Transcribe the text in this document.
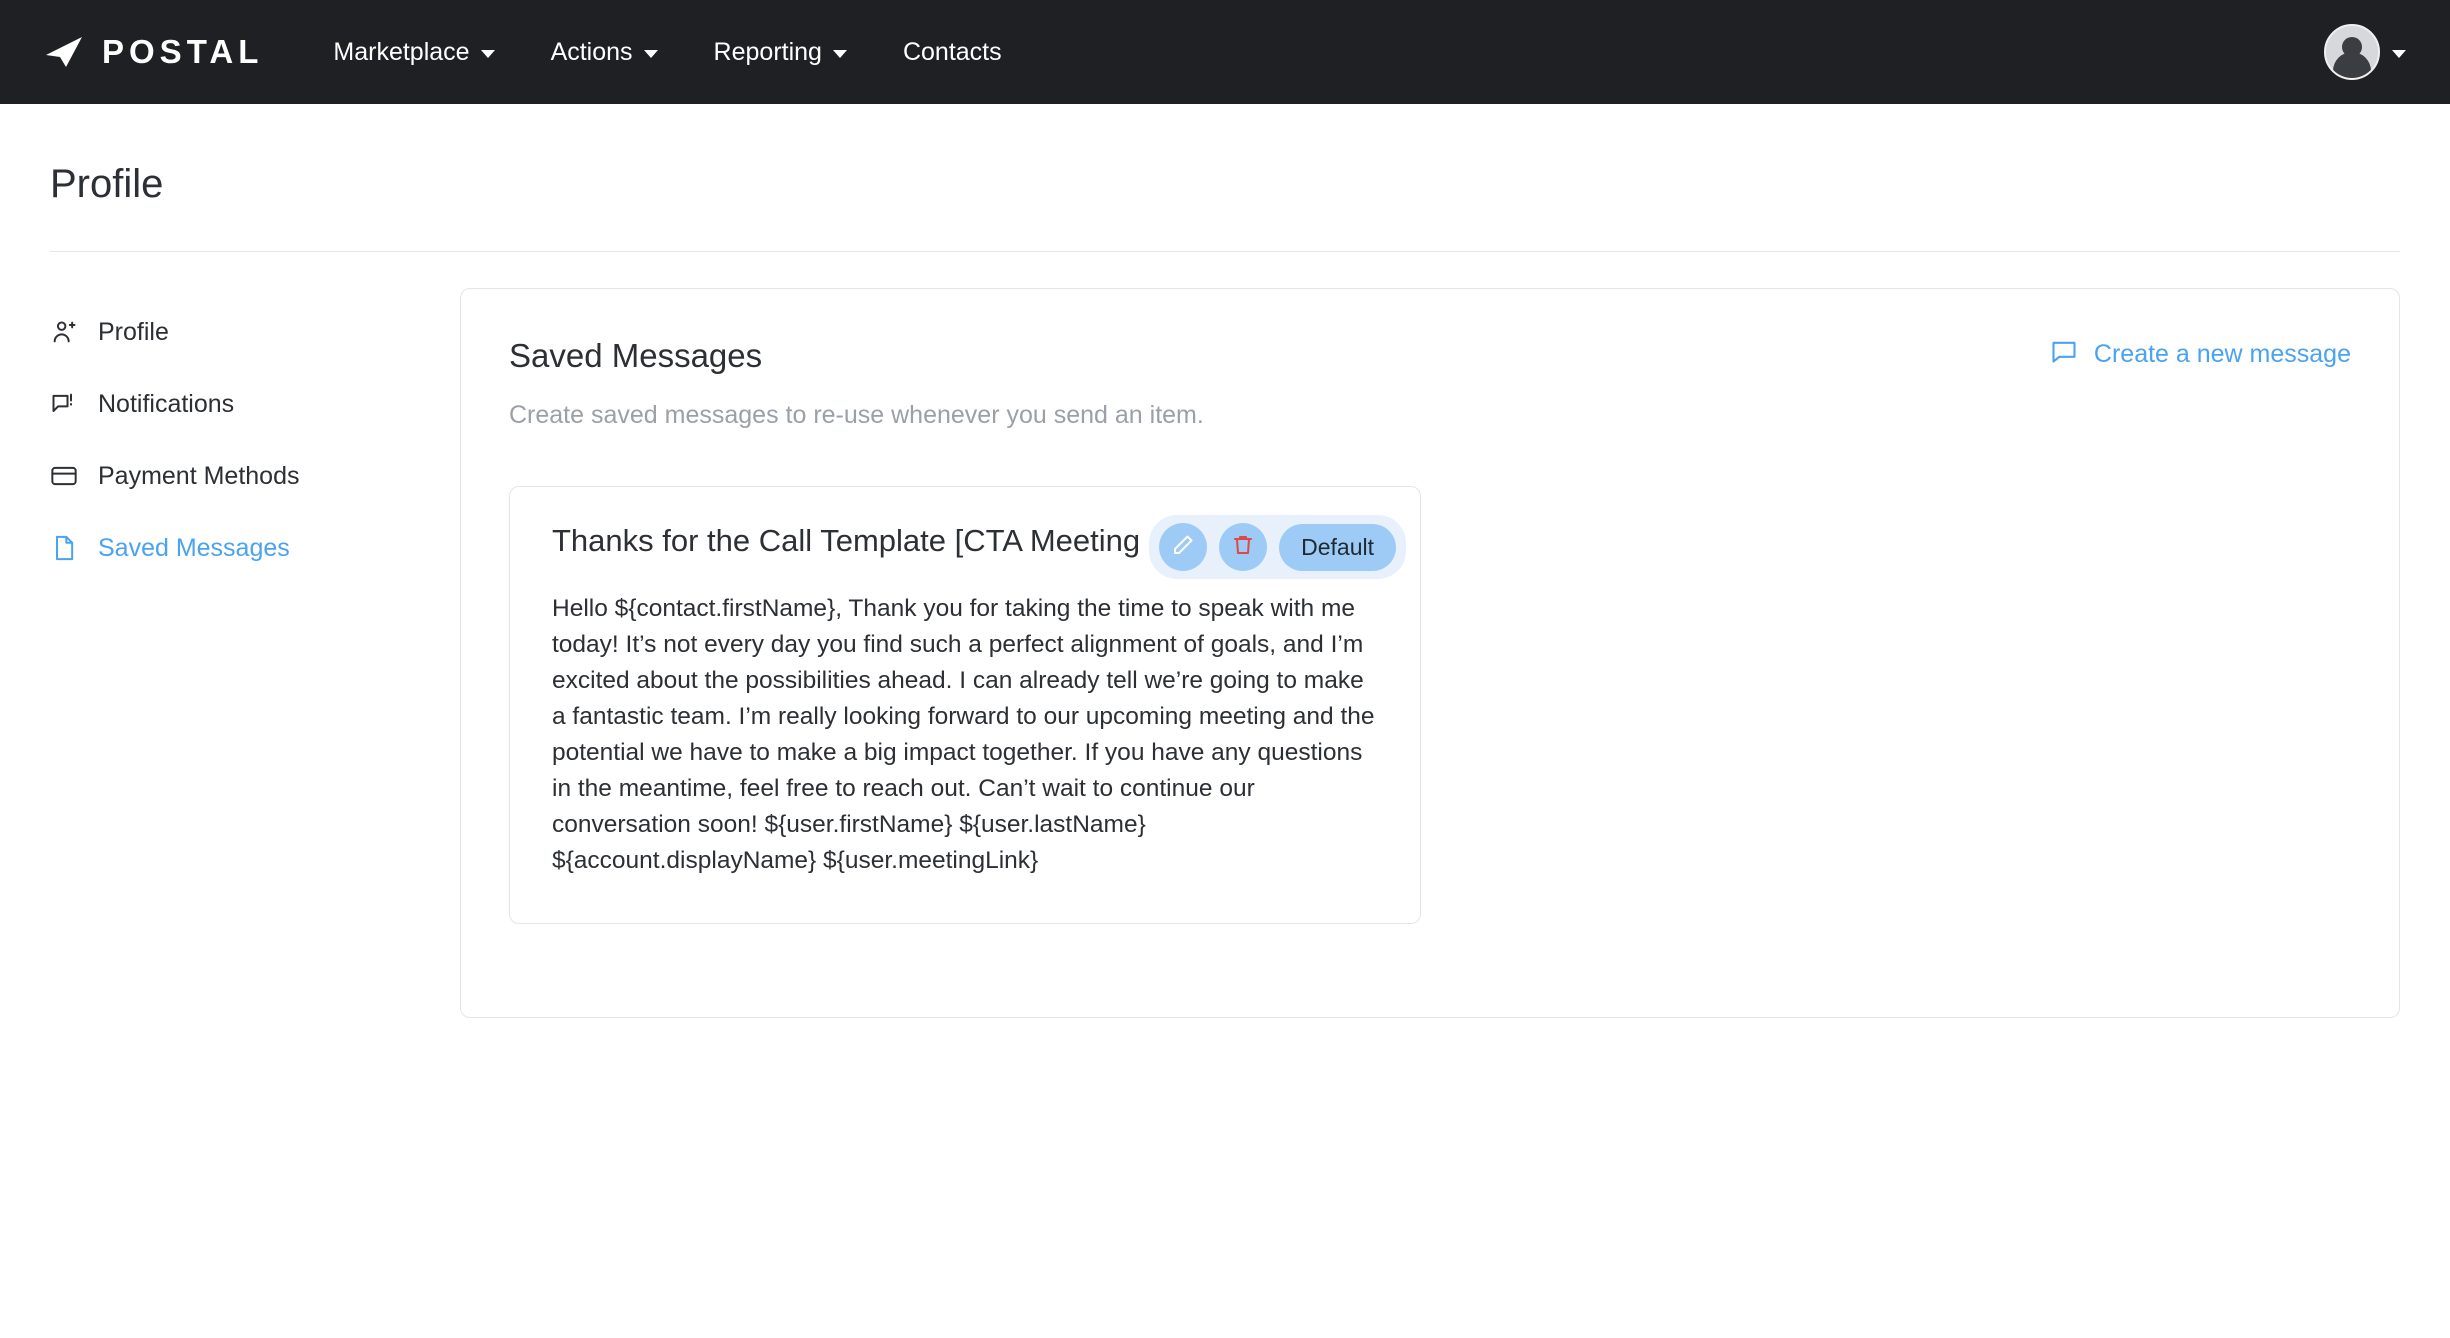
POSTAL	Marketplace	Actions	Reporting	Contacts
Profile
Profile
Notifications
Payment Methods
Saved Messages
Saved Messages	Create a new message
Create saved messages to re-use whenever you send an item.
Thanks for the Call Template [CTA Meeting	Default
Hello ${contact.firstName}, Thank you for taking the time to speak with me today! It’s not every day you find such a perfect alignment of goals, and I’m excited about the possibilities ahead. I can already tell we’re going to make a fantastic team. I’m really looking forward to our upcoming meeting and the potential we have to make a big impact together. If you have any questions in the meantime, feel free to reach out. Can’t wait to continue our conversation soon! ${user.firstName} ${user.lastName} ${account.displayName} ${user.meetingLink}
